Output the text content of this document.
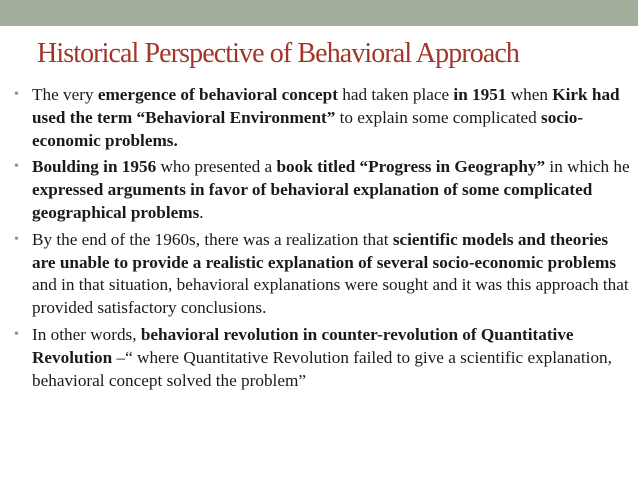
Historical Perspective of Behavioral Approach
• The very emergence of behavioral concept had taken place in 1951 when Kirk had used the term “Behavioral Environment” to explain some complicated socio-economic problems.
• Boulding in 1956 who presented a book titled “Progress in Geography” in which he expressed arguments in favor of behavioral explanation of some complicated geographical problems.
• By the end of the 1960s, there was a realization that scientific models and theories are unable to provide a realistic explanation of several socio-economic problems and in that situation, behavioral explanations were sought and it was this approach that provided satisfactory conclusions.
• In other words, behavioral revolution in counter-revolution of Quantitative Revolution –“ where Quantitative Revolution failed to give a scientific explanation, behavioral concept solved the problem”
